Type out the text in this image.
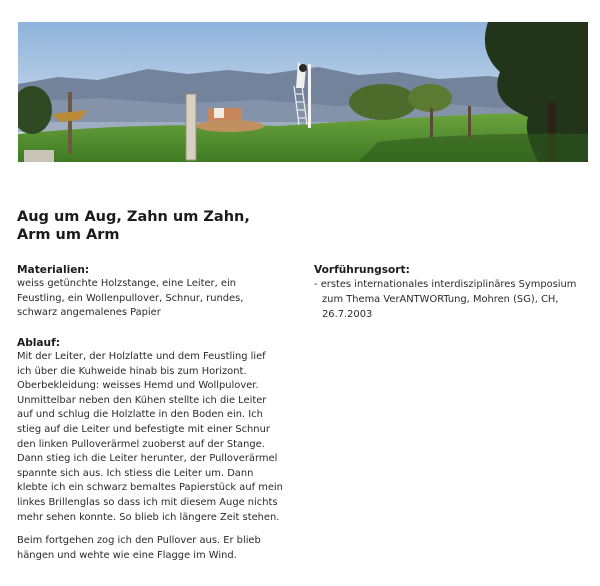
Aug um Aug, Zahn um Zahn,
Arm um Arm
Materialien:
weiss getünchte Holzstange, eine Leiter, ein
Feustling, ein Wollenpullover, Schnur, rundes,
schwarz angemalenes Papier
Ablauf:
Mit der Leiter, der Holzlatte und dem Feustling lief
ich über die Kuhweide hinab bis zum Horizont.
Oberbekleidung: weisses Hemd und Wollpulover.
Unmittelbar neben den Kühen stellte ich die Leiter
auf und schlug die Holzlatte in den Boden ein. Ich
stieg auf die Leiter und befestigte mit einer Schnur
den linken Pulloverärmel zuoberst auf der Stange.
Dann stieg ich die Leiter herunter, der Pulloverärmel
spannte sich aus. Ich stiess die Leiter um. Dann
klebte ich ein schwarz bemaltes Papierstück auf mein
linkes Brillenglas so dass ich mit diesem Auge nichts
mehr sehen konnte. So blieb ich längere Zeit stehen.
Beim fortgehen zog ich den Pullover aus. Er blieb
hängen und wehte wie eine Flagge im Wind.
Vorführungsort:
- erstes internationales interdisziplinäres Symposium
zum Thema VerANTWORTung, Mohren (SG), CH,
26.7.2003
